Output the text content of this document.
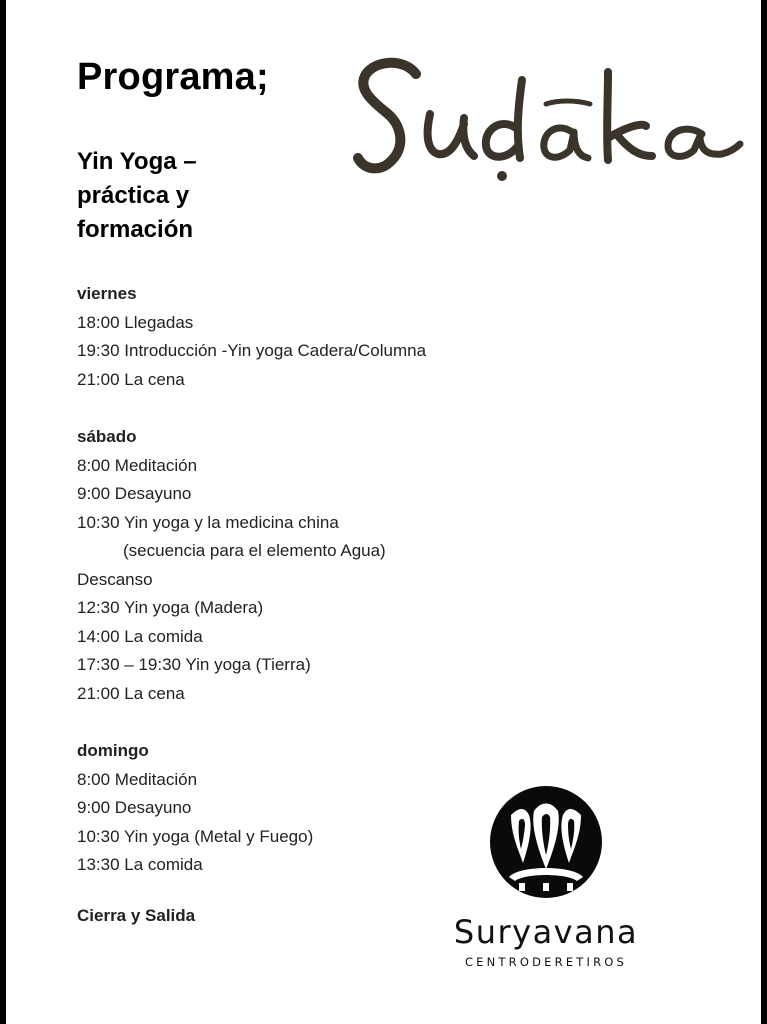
Programa;
Yin Yoga –
práctica y
formación
viernes
18:00 Llegadas
19:30 Introducción -Yin yoga Cadera/Columna
21:00 La cena
sábado
8:00 Meditación
9:00 Desayuno
10:30 Yin yoga y la medicina china
(secuencia para el elemento Agua)
Descanso
12:30 Yin yoga (Madera)
14:00 La comida
17:30 – 19:30 Yin yoga (Tierra)
21:00 La cena
domingo
8:00 Meditación
9:00 Desayuno
10:30 Yin yoga (Metal y Fuego)
13:30 La comida
Cierra y Salida	Suryavana
CENTRODERETIROS
